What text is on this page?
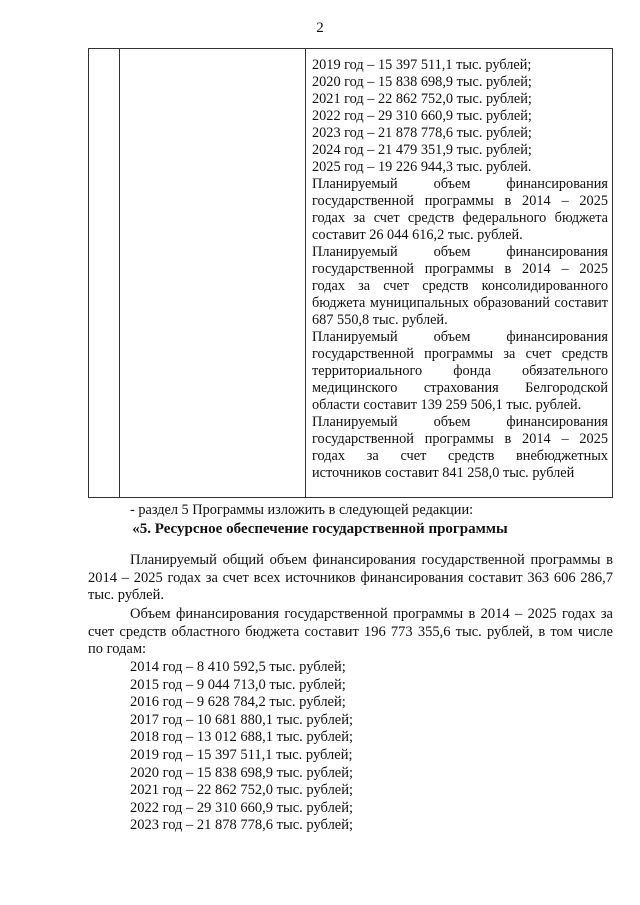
2
2019 год – 15 397 511,1 тыс. рублей;
2020 год – 15 838 698,9 тыс. рублей;
2021 год – 22 862 752,0 тыс. рублей;
2022 год – 29 310 660,9 тыс. рублей;
2023 год – 21 878 778,6 тыс. рублей;
2024 год – 21 479 351,9 тыс. рублей;
2025 год – 19 226 944,3 тыс. рублей.

Планируемый объем финансирования государственной программы в 2014 – 2025 годах за счет средств федерального бюджета составит 26 044 616,2 тыс. рублей.

Планируемый объем финансирования государственной программы в 2014 – 2025 годах за счет средств консолидированного бюджета муниципальных образований составит 687 550,8 тыс. рублей.

Планируемый объем финансирования государственной программы за счет средств территориального фонда обязательного медицинского страхования Белгородской области составит 139 259 506,1 тыс. рублей.

Планируемый объем финансирования государственной программы в 2014 – 2025 годах за счет средств внебюджетных источников составит 841 258,0 тыс. рублей

- раздел 5 Программы изложить в следующей редакции:
«5. Ресурсное обеспечение государственной программы

Планируемый общий объем финансирования государственной программы в 2014 – 2025 годах за счет всех источников финансирования составит 363 606 286,7 тыс. рублей.

Объем финансирования государственной программы в 2014 – 2025 годах за счет средств областного бюджета составит 196 773 355,6 тыс. рублей, в том числе по годам:

2014 год – 8 410 592,5 тыс. рублей;
2015 год – 9 044 713,0 тыс. рублей;
2016 год – 9 628 784,2 тыс. рублей;
2017 год – 10 681 880,1 тыс. рублей;
2018 год – 13 012 688,1 тыс. рублей;
2019 год – 15 397 511,1 тыс. рублей;
2020 год – 15 838 698,9 тыс. рублей;
2021 год – 22 862 752,0 тыс. рублей;
2022 год – 29 310 660,9 тыс. рублей;
2023 год – 21 878 778,6 тыс. рублей;
